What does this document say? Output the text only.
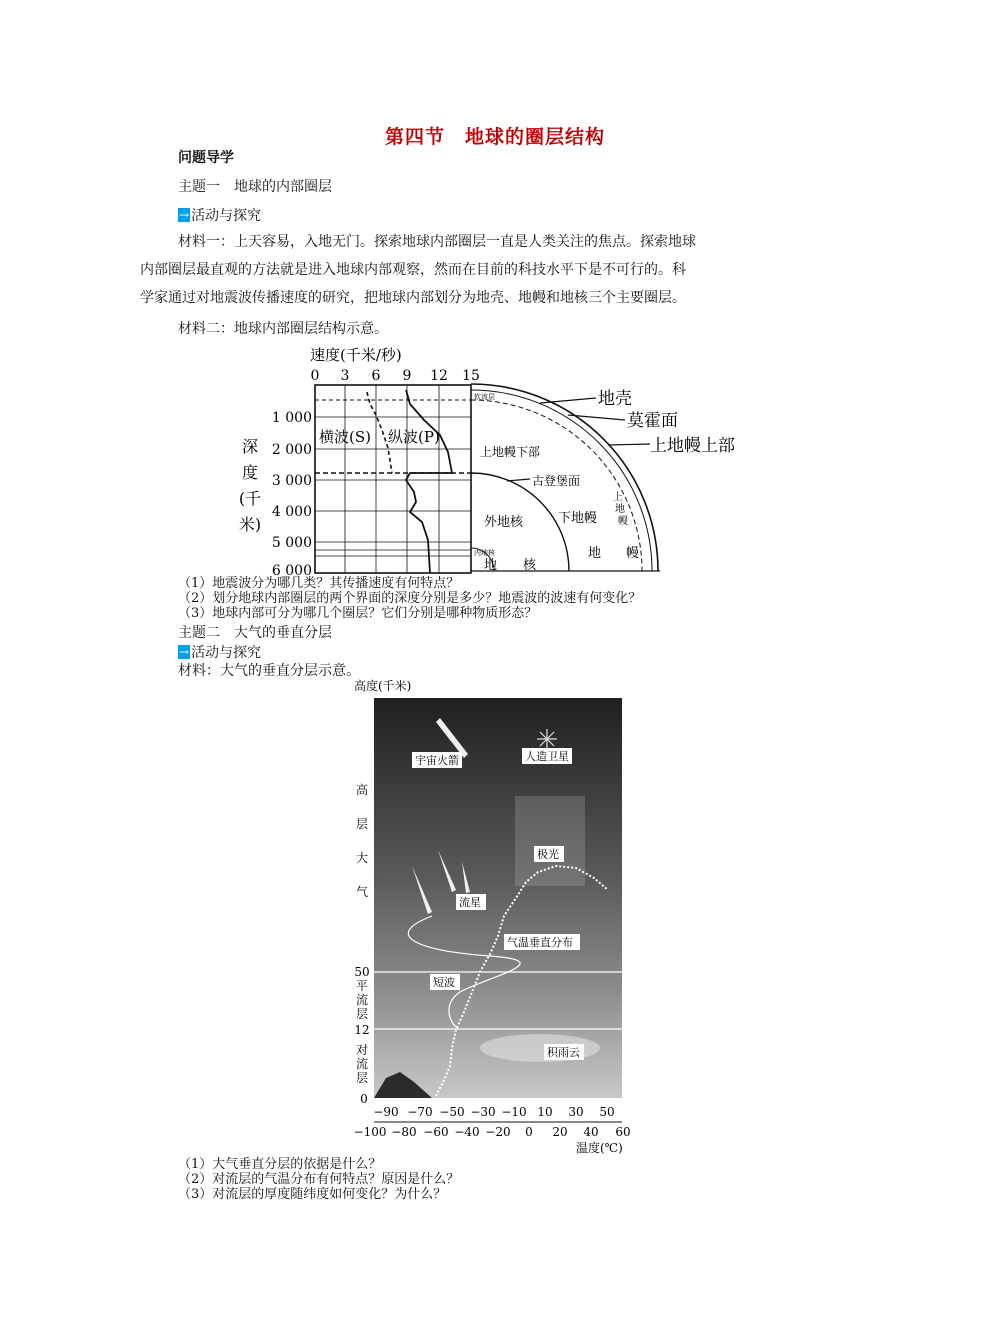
第四节　地球的圈层结构
问题导学
主题一　地球的内部圈层
→ 活动与探究
材料一：上天容易，入地无门。探索地球内部圈层一直是人类关注的焦点。探索地球
内部圈层最直观的方法就是进入地球内部观察，然而在目前的科技水平下是不可行的。科
学家通过对地震波传播速度的研究，把地球内部划分为地壳、地幔和地核三个主要圈层。
材料二：地球内部圈层结构示意。
速度(千米/秒)
0 3 6 9 12 15
横波(S) 纵波(P)
1 000
2 000
3 000
4 000
5 000
6 000
深
度
(千
米)
软流层	地壳
莫霍面
上地幔上部
上地幔下部
古登堡面
外地核	下地幔
内地核
地 核
地 幔
上
地
幔
（1）地震波分为哪几类？其传播速度有何特点？
（2）划分地球内部圈层的两个界面的深度分别是多少？地震波的波速有何变化？
（3）地球内部可分为哪几个圈层？它们分别是哪种物质形态？
主题二　大气的垂直分层
→ 活动与探究
材料：大气的垂直分层示意。
高度(千米)
宇宙火箭	人造卫星
极光
流星
气温垂直分布
短波
积雨云
高
层
大
气
50
平
流
层
12
对
流
层
0
−90 −70 −50 −30 −10 10 30 50
−100 −80 −60 −40 −20 0 20 40 60
温度(℃)
（1）大气垂直分层的依据是什么？
（2）对流层的气温分布有何特点？原因是什么？
（3）对流层的厚度随纬度如何变化？为什么？
